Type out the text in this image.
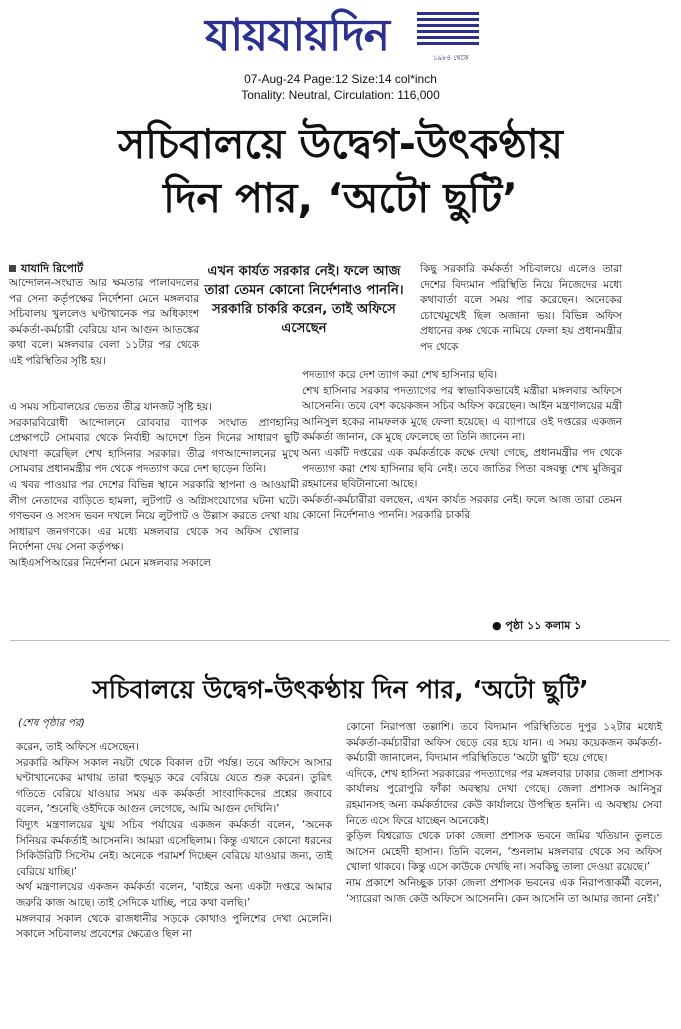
যায়যায়দিন	১৯৮৪ থেকে
07-Aug-24 Page:12 Size:14 col*inch
Tonality: Neutral, Circulation: 116,000
সচিবালয়ে উদ্বেগ-উৎকণ্ঠায়
দিন পার, ‘অটো ছুটি’
যাযাদি রিপোর্ট

আন্দোলন-সংঘাত আর ক্ষমতার পালাবদলের পর সেনা কর্তৃপক্ষের নির্দেশনা মেনে মঙ্গলবার সচিবালয় খুললেও ঘণ্টাখানেক পর অধিকাংশ কর্মকর্তা-কর্মচারী বেরিয়ে যান আগুন আতঙ্কের কথা বলে। মঙ্গলবার বেলা ১১টার পর থেকে এই পরিস্থিতির সৃষ্টি হয়।

এখন কার্যত সরকার নেই। ফলে আজ তারা তেমন কোনো নির্দেশনাও পাননি। সরকারি চাকরি করেন, তাই অফিসে এসেছেন

এ সময় সচিবালয়ের ভেতর তীব্র যানজট সৃষ্টি হয়।

সরকারবিরোধী আন্দোলনে রোববার ব্যাপক সংঘাত প্রাণহানির প্রেক্ষাপটে সোমবার থেকে নির্বাহী আদেশে তিন দিনের সাধারণ ছুটি ঘোষণা করেছিল শেখ হাসিনার সরকার। তীব্র গণআন্দোলনের মুখে সোমবার প্রধানমন্ত্রীর পদ থেকে পদত্যাগ করে দেশ ছাড়েন তিনি।

এ খবর পাওয়ার পর দেশের বিভিন্ন স্থানে সরকারি স্থাপনা ও আওয়ামী লীগ নেতাদের বাড়িতে হামলা, লুটপাট ও অগ্নিসংযোগের ঘটনা ঘটে। গণভবন ও সংসদ ভবন দখলে নিয়ে লুটপাট ও উল্লাস করতে দেখা যায় সাধারণ জনগণকে। এর মধ্যে মঙ্গলবার থেকে সব অফিস খোলার নির্দেশনা দেয় সেনা কর্তৃপক্ষ।

আইএসপিআরের নির্দেশনা মেনে মঙ্গলবার সকালে

কিছু সরকারি কর্মকর্তা সচিবালয়ে এলেও তারা দেশের বিদ্যমান পরিস্থিতি নিয়ে নিজেদের মধ্যে কথাবার্তা বলে সময় পার করেছেন। অনেকের চোখেমুখেই ছিল অজানা ভয়। বিভিন্ন অফিস প্রধানের কক্ষ থেকে নামিয়ে ফেলা হয় প্রধানমন্ত্রীর পদ থেকে

পদত্যাগ করে দেশ ত্যাগ করা শেখ হাসিনার ছবি।

শেখ হাসিনার সরকার পদত্যাগের পর স্বাভাবিকভাবেই মন্ত্রীরা মঙ্গলবার অফিসে আসেননি। তবে বেশ কয়েকজন সচিব অফিস করেছেন। আইন মন্ত্রণালয়ের মন্ত্রী আনিসুল হকের নামফলক মুছে ফেলা হয়েছে। এ ব্যাপারে ওই দপ্তরের একজন কর্মকর্তা জানান, কে মুছে ফেলেছে তা তিনি জানেন না।

অন্য একটি দপ্তরের এক কর্মকর্তাকে কক্ষে দেখা গেছে, প্রধানমন্ত্রীর পদ থেকে পদত্যাগ করা শেখ হাসিনার ছবি নেই। তবে জাতির পিতা বঙ্গবন্ধু শেখ মুজিবুর রহমানের ছবিটানানো আছে।

কর্মকর্তা-কর্মচারীরা বলছেন, এখন কার্যত সরকার নেই। ফলে আজ তারা তেমন কোনো নির্দেশনাও পাননি। সরকারি চাকরি

● পৃষ্ঠা ১১ কলাম ১
সচিবালয়ে উদ্বেগ-উৎকণ্ঠায় দিন পার, ‘অটো ছুটি’
(শেষ পৃষ্ঠার পর)

করেন, তাই অফিসে এসেছেন।

সরকারি অফিস সকাল নয়টা থেকে বিকাল ৫টা পর্যন্ত। তবে অফিসে আসার ঘণ্টাখানেকের মাথায় তারা হুড়মুড় করে বেরিয়ে যেতে শুরু করেন। তুরিৎ গতিতে বেরিয়ে যাওয়ার সময় এক কর্মকর্তা সাংবাদিকদের প্রশ্নের জবাবে বলেন, ‘শুনেছি ওইদিকে আগুন লেগেছে, আমি আগুন দেখিনি।’

বিদ্যুৎ মন্ত্রণালয়ের যুগ্ম সচিব পর্যায়ের একজন কর্মকর্তা বলেন, ‘অনেক সিনিয়র কর্মকর্তাই আসেননি। আমরা এসেছিলাম। কিন্তু এখানে কোনো ধরনের সিকিউরিটি সিস্টেম নেই। অনেকে পরামর্শ দিচ্ছেন বেরিয়ে যাওয়ার জন্য, তাই বেরিয়ে যাচ্ছি।’

অর্থ মন্ত্রণালয়ের একজন কর্মকর্তা বলেন, ‘বাইরে অন্য একটা দপ্তরে আমার জরুরি কাজ আছে। তাই সেদিকে যাচ্ছি, পরে কথা বলছি।’

মঙ্গলবার সকাল থেকে রাজধানীর সড়কে কোথাও পুলিশের দেখা মেলেনি। সকালে সচিবালয় প্রবেশের ক্ষেত্রেও ছিল না

কোনো নিরাপত্তা তল্লাশি। তবে বিদ্যমান পরিস্থিতিতে দুপুর ১২টার মধ্যেই কর্মকর্তা-কর্মচারীরা অফিস ছেড়ে বের হয়ে যান। এ সময় কয়েকজন কর্মকর্তা-কর্মচারী জানালেন, বিদ্যমান পরিস্থিতিতে ‘অটো ছুটি’ হয়ে গেছে।

এদিকে, শেখ হাসিনা সরকারের পদত্যাগের পর মঙ্গলবার ঢাকার জেলা প্রশাসক কার্যালয় পুরোপুরি ফাঁকা অবস্থায় দেখা গেছে। জেলা প্রশাসক আনিসুর রহমানসহ অন্য কর্মকর্তাদের কেউ কার্যালয়ে উপস্থিত হননি। এ অবস্থায় সেবা নিতে এসে ফিরে যাচ্ছেন অনেকেই।

কুড়িল বিশ্বরোড থেকে ঢাকা জেলা প্রশাসক ভবনে জমির খতিয়ান তুলতে আসেন মেহেদী হাসান। তিনি বলেন, ‘শুনলাম মঙ্গলবার থেকে সব অফিস খোলা থাকবে। কিন্তু এসে কাউকে দেখছি না। সবকিছু তালা দেওয়া রয়েছে।’

নাম প্রকাশে অনিচ্ছুক ঢাকা জেলা প্রশাসক ভবনের এক নিরাপত্তাকর্মী বলেন, ‘স্যারেরা আজ কেউ অফিসে আসেননি। কেন আসেনি তা আমার জানা নেই।’
